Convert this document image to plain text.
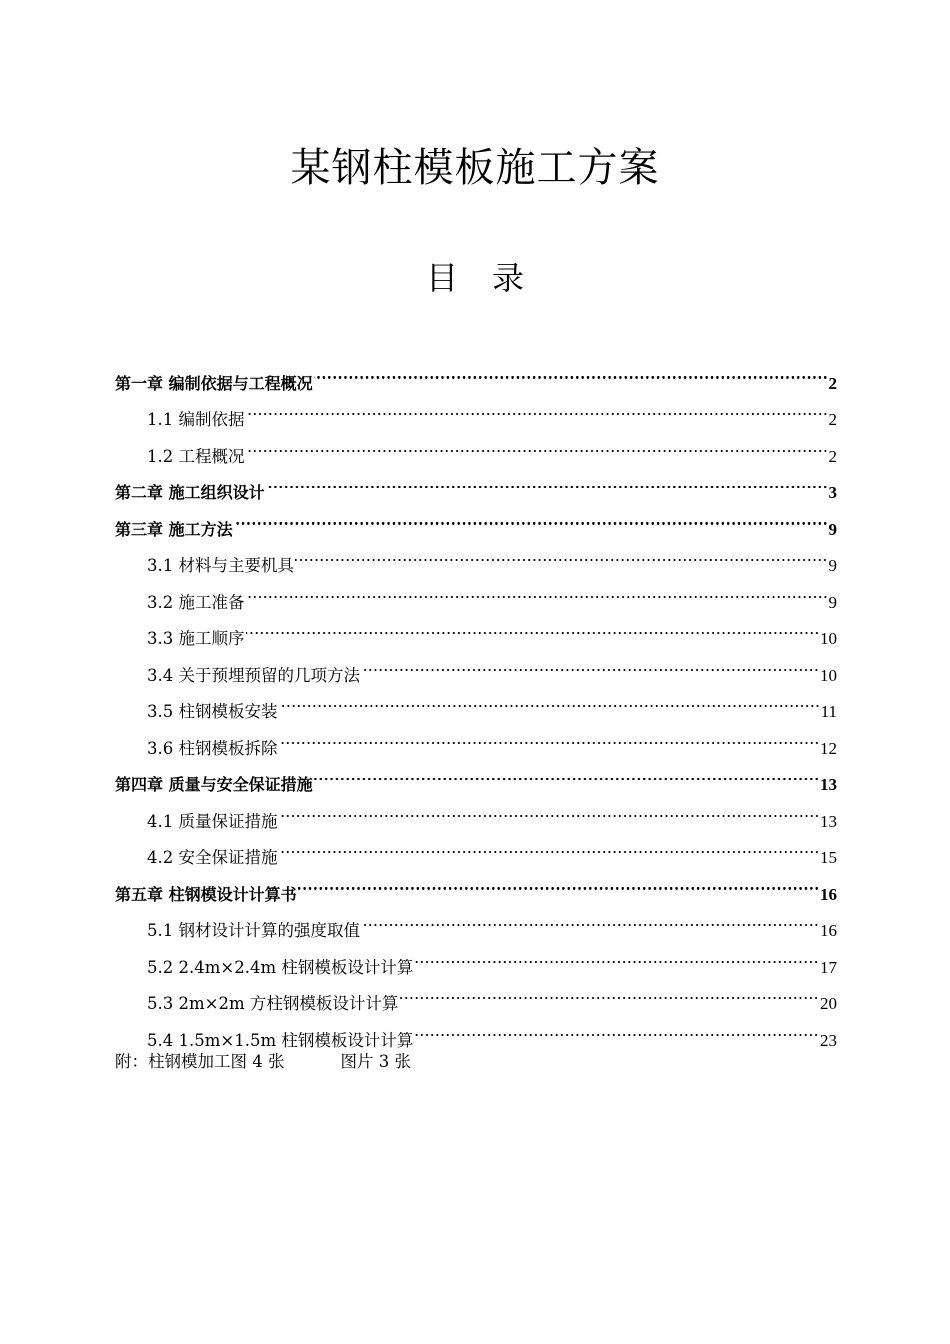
某钢柱模板施工方案
目 录
第一章 编制依据与工程概况	2
1.1 编制依据	2
1.2 工程概况	2
第二章 施工组织设计	3
第三章 施工方法	9
3.1 材料与主要机具	9
3.2 施工准备	9
3.3 施工顺序	10
3.4 关于预埋预留的几项方法	10
3.5 柱钢模板安装	11
3.6 柱钢模板拆除	12
第四章 质量与安全保证措施	13
4.1 质量保证措施	13
4.2 安全保证措施	15
第五章 柱钢模设计计算书	16
5.1 钢材设计计算的强度取值	16
5.2 2.4m×2.4m 柱钢模板设计计算	17
5.3 2m×2m 方柱钢模板设计计算	20
5.4 1.5m×1.5m 柱钢模板设计计算	23
附：柱钢模加工图 4 张	图片 3 张
